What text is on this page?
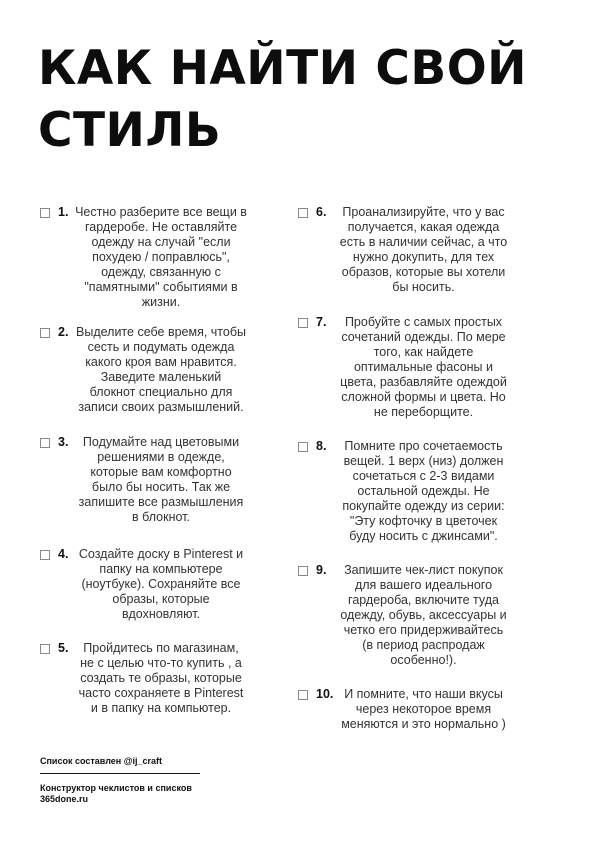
КАК НАЙТИ СВОЙ
СТИЛЬ
1. Честно разберите все вещи в
гардеробе. Не оставляйте
одежду на случай "если
похудею / поправлюсь",
одежду, связанную с
"памятными" событиями в
жизни.
2. Выделите себе время, чтобы
сесть и подумать одежда
какого кроя вам нравится.
Заведите маленький
блокнот специально для
записи своих размышлений.
3.	Подумайте над цветовыми
решениями в одежде,
которые вам комфортно
было бы носить. Так же
запишите все размышления
в блокнот.
4. Создайте доску в Pinterest и
папку на компьютере
(ноутбуке). Сохраняйте все
образы, которые
вдохновляют.
5.	Пройдитесь по магазинам,
не с целью что-то купить , а
создать те образы, которые
часто сохраняете в Pinterest
и в папку на компьютер.
6.	Проанализируйте, что у вас
получается, какая одежда
есть в наличии сейчас, а что
нужно докупить, для тех
образов, которые вы хотели
бы носить.
7.	Пробуйте с самых простых
сочетаний одежды. По мере
того, как найдете
оптимальные фасоны и
цвета, разбавляйте одеждой
сложной формы и цвета. Но
не переборщите.
8.	Помните про сочетаемость
вещей. 1 верх (низ) должен
сочетаться с 2-3 видами
остальной одежды. Не
покупайте одежду из серии:
"Эту кофточку в цветочек
буду носить с джинсами".
9.	Запишите чек-лист покупок
для вашего идеального
гардероба, включите туда
одежду, обувь, аксессуары и
четко его придерживайтесь
(в период распродаж
особенно!).
10. И помните, что наши вкусы
через некоторое время
меняются и это нормально )
Список составлен @ij_craft
Конструктор чеклистов и списков
365done.ru
